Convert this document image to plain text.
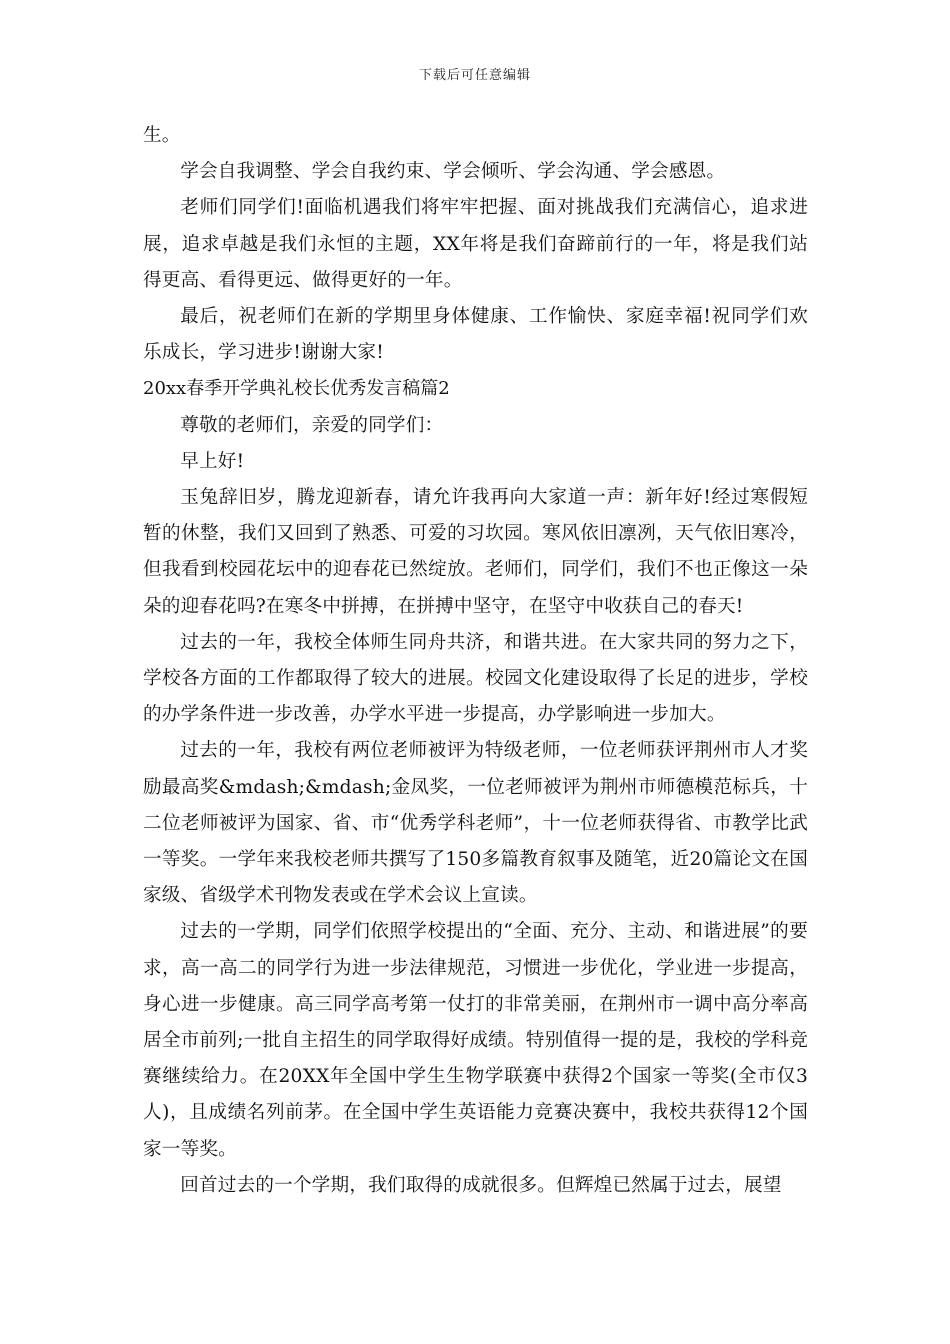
下载后可任意编辑

生。

学会自我调整、学会自我约束、学会倾听、学会沟通、学会感恩。

老师们同学们!面临机遇我们将牢牢把握、面对挑战我们充满信心，追求进展，追求卓越是我们永恒的主题，XX年将是我们奋蹄前行的一年，将是我们站得更高、看得更远、做得更好的一年。

最后，祝老师们在新的学期里身体健康、工作愉快、家庭幸福!祝同学们欢乐成长，学习进步!谢谢大家!

20xx春季开学典礼校长优秀发言稿篇2

尊敬的老师们，亲爱的同学们：

早上好!

玉兔辞旧岁，腾龙迎新春，请允许我再向大家道一声：新年好!经过寒假短暂的休整，我们又回到了熟悉、可爱的习坎园。寒风依旧凛冽，天气依旧寒冷，但我看到校园花坛中的迎春花已然绽放。老师们，同学们，我们不也正像这一朵朵的迎春花吗?在寒冬中拼搏，在拼搏中坚守，在坚守中收获自己的春天!

过去的一年，我校全体师生同舟共济，和谐共进。在大家共同的努力之下，学校各方面的工作都取得了较大的进展。校园文化建设取得了长足的进步，学校的办学条件进一步改善，办学水平进一步提高，办学影响进一步加大。

过去的一年，我校有两位老师被评为特级老师，一位老师获评荆州市人才奖励最高奖&mdash;&mdash;金凤奖，一位老师被评为荆州市师德模范标兵，十二位老师被评为国家、省、市“优秀学科老师”，十一位老师获得省、市教学比武一等奖。一学年来我校老师共撰写了150多篇教育叙事及随笔，近20篇论文在国家级、省级学术刊物发表或在学术会议上宣读。

过去的一学期，同学们依照学校提出的“全面、充分、主动、和谐进展”的要求，高一高二的同学行为进一步法律规范，习惯进一步优化，学业进一步提高，身心进一步健康。高三同学高考第一仗打的非常美丽，在荆州市一调中高分率高居全市前列;一批自主招生的同学取得好成绩。特别值得一提的是，我校的学科竞赛继续给力。在20XX年全国中学生生物学联赛中获得2个国家一等奖(全市仅3人)，且成绩名列前茅。在全国中学生英语能力竞赛决赛中，我校共获得12个国家一等奖。

回首过去的一个学期，我们取得的成就很多。但辉煌已然属于过去，展望
